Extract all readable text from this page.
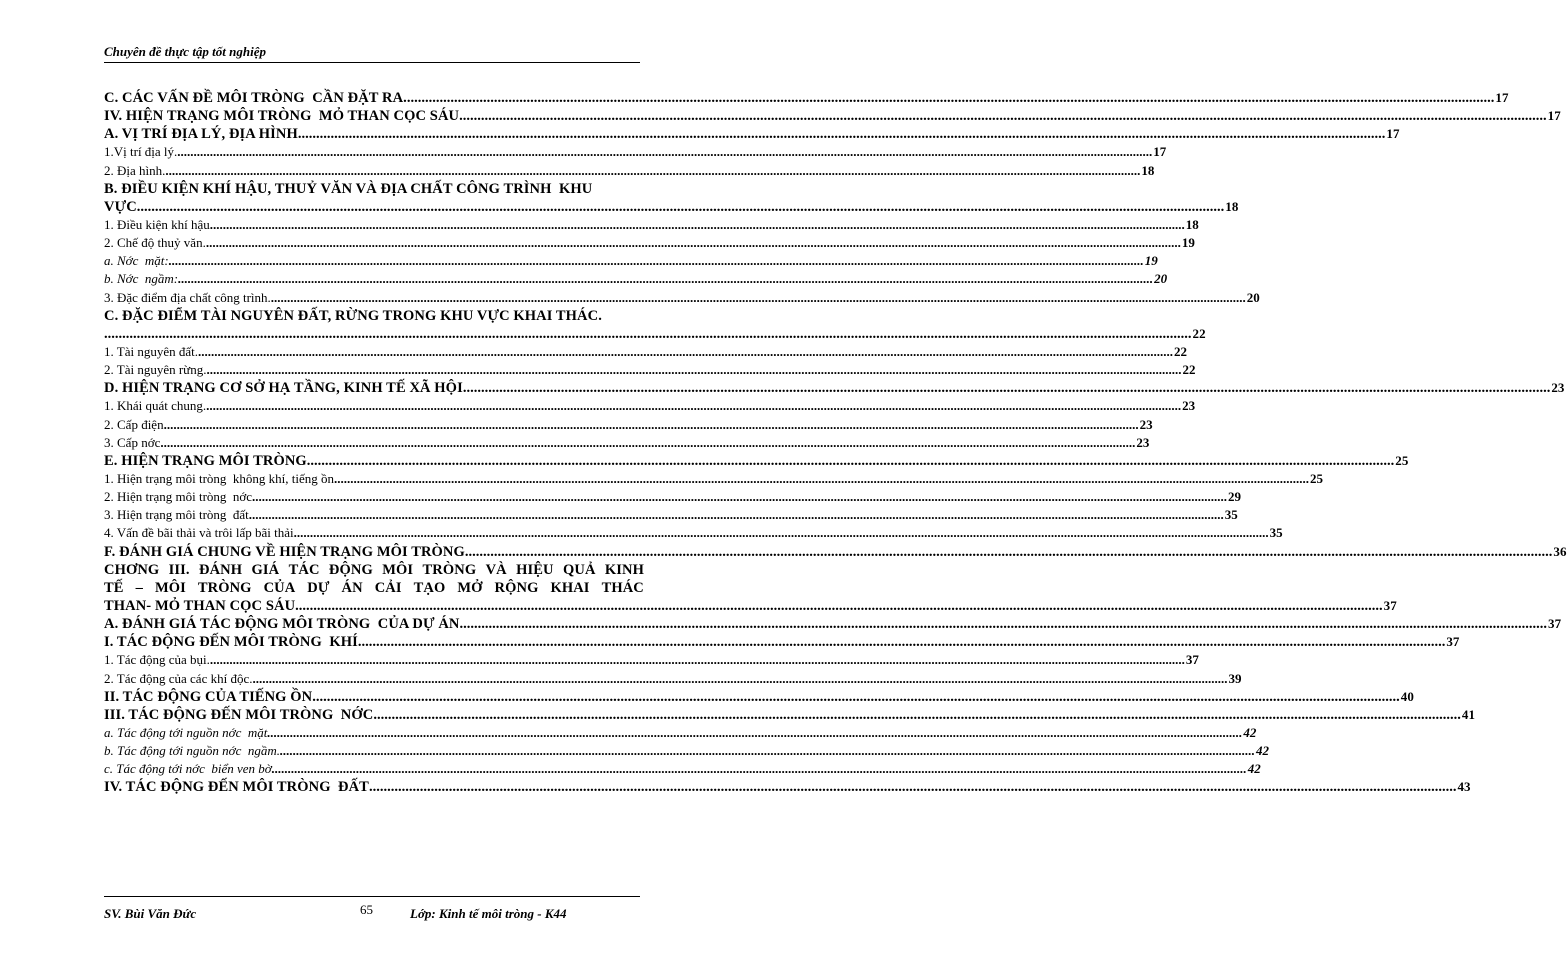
Chuyên đề thực tập tốt nghiệp
C. CÁC VẤN ĐỀ MÔI TRÒNG  CẦN ĐẶT RA. ............................................................................................................................................................................................................................................................................................................ 17
IV. HIỆN TRẠNG MÔI TRÒNG  MỎ THAN CỌC SÁU ............................................................................................................................................................................................................................................................................................................ 17
A. VỊ TRÍ ĐỊA LÝ, ĐỊA HÌNH ............................................................................................................................................................................................................................................................................................................ 17
1.Vị trí địa lý. ............................................................................................................................................................................................................................................................................................................ 17
2. Địa hình. ............................................................................................................................................................................................................................................................................................................ 18
B. ĐIỀU KIỆN KHÍ HẬU, THUỶ VĂN VÀ ĐỊA CHẤT CÔNG TRÌNH  KHU
VỰC ............................................................................................................................................................................................................................................................................................................ 18
1. Điều kiện khí hậu ............................................................................................................................................................................................................................................................................................................ 18
2. Chế độ thuỷ văn. ............................................................................................................................................................................................................................................................................................................ 19
a. Nớc  mặt: ............................................................................................................................................................................................................................................................................................................ 19
b. Nớc  ngầm: ............................................................................................................................................................................................................................................................................................................ 20
3. Đặc điểm địa chất công trình. ............................................................................................................................................................................................................................................................................................................ 20
C. ĐẶC ĐIỂM TÀI NGUYÊN ĐẤT, RỪNG TRONG KHU VỰC KHAI THÁC.
............................................................................................................................................................................................................................................................................................................ 22
1. Tài nguyên đất. ............................................................................................................................................................................................................................................................................................................ 22
2. Tài nguyên rừng. ............................................................................................................................................................................................................................................................................................................ 22
D. HIỆN TRẠNG CƠ SỞ HẠ TẦNG, KINH TẾ XÃ HỘI ............................................................................................................................................................................................................................................................................................................ 23
1. Khái quát chung. ............................................................................................................................................................................................................................................................................................................ 23
2. Cấp điện ............................................................................................................................................................................................................................................................................................................ 23
3. Cấp nớc ............................................................................................................................................................................................................................................................................................................ 23
E. HIỆN TRẠNG MÔI TRÒNG ............................................................................................................................................................................................................................................................................................................ 25
1. Hiện trạng môi tròng  không khí, tiếng ồn ............................................................................................................................................................................................................................................................................................................ 25
2. Hiện trạng môi tròng  nớc ............................................................................................................................................................................................................................................................................................................ 29
3. Hiện trạng môi tròng  đất ............................................................................................................................................................................................................................................................................................................ 35
4. Vấn đề bãi thải và trôi lấp bãi thải ............................................................................................................................................................................................................................................................................................................ 35
F. ĐÁNH GIÁ CHUNG VỀ HIỆN TRẠNG MÔI TRÒNG ............................................................................................................................................................................................................................................................................................................ 36
CHƠNG III. ĐÁNH GIÁ TÁC ĐỘNG MÔI TRÒNG VÀ HIỆU QUẢ KINH
TẾ – MÔI TRÒNG CỦA DỰ ÁN CẢI TẠO MỞ RỘNG KHAI THÁC
THAN- MỎ THAN CỌC SÁU ............................................................................................................................................................................................................................................................................................................ 37
A. ĐÁNH GIÁ TÁC ĐỘNG MÔI TRÒNG  CỦA DỰ ÁN ............................................................................................................................................................................................................................................................................................................ 37
I. TÁC ĐỘNG ĐẾN MÔI TRÒNG  KHÍ ............................................................................................................................................................................................................................................................................................................ 37
1. Tác động của bụi. ............................................................................................................................................................................................................................................................................................................ 37
2. Tác động của các khí độc. ............................................................................................................................................................................................................................................................................................................ 39
II. TÁC ĐỘNG CỦA TIẾNG ỒN ............................................................................................................................................................................................................................................................................................................ 40
III. TÁC ĐỘNG ĐẾN MÔI TRÒNG  NỚC ............................................................................................................................................................................................................................................................................................................ 41
a. Tác động tới nguồn nớc  mặt ............................................................................................................................................................................................................................................................................................................ 42
b. Tác động tới nguồn nớc  ngầm. ............................................................................................................................................................................................................................................................................................................ 42
c. Tác động tới nớc  biển ven bờ ............................................................................................................................................................................................................................................................................................................ 42
IV. TÁC ĐỘNG ĐẾN MÔI TRÒNG  ĐẤT ............................................................................................................................................................................................................................................................................................................ 43
SV. Bùi Văn Đức	65	Lớp: Kinh tế môi tròng - K44
